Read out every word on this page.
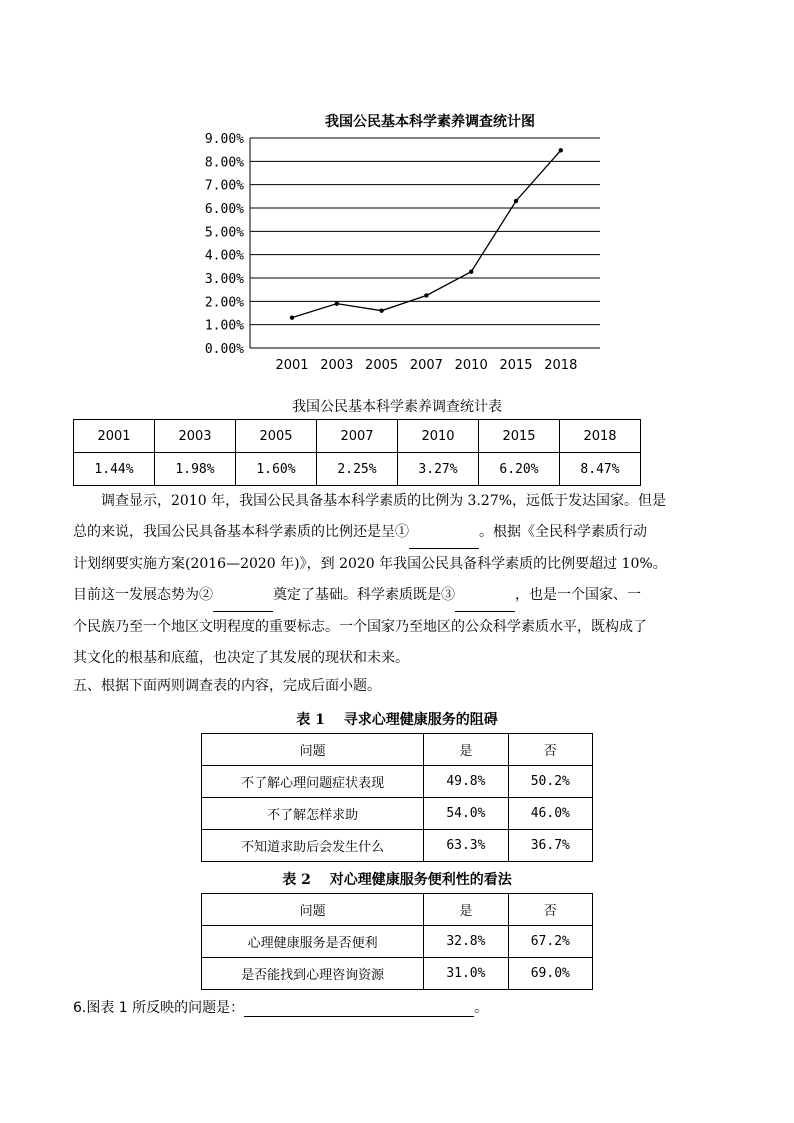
我国公民基本科学素养调查统计图
0.00%
1.00%
2.00%
3.00%
4.00%
5.00%
6.00%
7.00%
8.00%
9.00%
2001 2003 2005 2007 2010 2015 2018
我国公民基本科学素养调查统计表
2001	2003	2005	2007	2010	2015	2018
1.44%	1.98%	1.60%	2.25%	3.27%	6.20%	8.47%

调查显示，2010 年，我国公民具备基本科学素质的比例为 3.27%，远低于发达国家。但是

总的来说，我国公民具备基本科学素质的比例还是呈①	。根据《全民科学素质行动

计划纲要实施方案(2016—2020 年)》，到 2020 年我国公民具备科学素质的比例要超过 10%。

目前这一发展态势为②	奠定了基础。科学素质既是③	，也是一个国家、一

个民族乃至一个地区文明程度的重要标志。一个国家乃至地区的公众科学素质水平，既构成了

其文化的根基和底蕴，也决定了其发展的现状和未来。

五、根据下面两则调查表的内容，完成后面小题。
表 1　 寻求心理健康服务的阻碍
问题	是	否
不了解心理问题症状表现	49.8%	50.2%
不了解怎样求助	54.0%	46.0%
不知道求助后会发生什么	63.3%	36.7%
表 2　 对心理健康服务便利性的看法
问题	是	否
心理健康服务是否便利	32.8%	67.2%
是否能找到心理咨询资源	31.0%	69.0%
6.图表 1 所反映的问题是：	。
